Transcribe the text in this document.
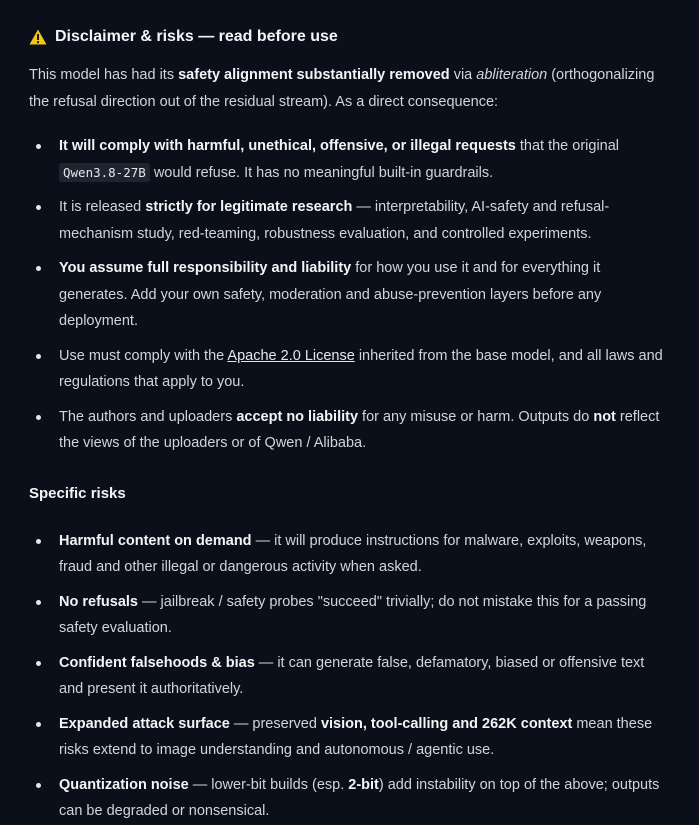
Disclaimer & risks — read before use

This model has had its safety alignment substantially removed via abliteration (orthogonalizing the refusal direction out of the residual stream). As a direct consequence:

It will comply with harmful, unethical, offensive, or illegal requests that the original Qwen3.8-27B would refuse. It has no meaningful built-in guardrails.
It is released strictly for legitimate research — interpretability, AI-safety and refusal-mechanism study, red-teaming, robustness evaluation, and controlled experiments.
You assume full responsibility and liability for how you use it and for everything it generates. Add your own safety, moderation and abuse-prevention layers before any deployment.
Use must comply with the Apache 2.0 License inherited from the base model, and all laws and regulations that apply to you.
The authors and uploaders accept no liability for any misuse or harm. Outputs do not reflect the views of the uploaders or of Qwen / Alibaba.
Specific risks
Harmful content on demand — it will produce instructions for malware, exploits, weapons, fraud and other illegal or dangerous activity when asked.
No refusals — jailbreak / safety probes "succeed" trivially; do not mistake this for a passing safety evaluation.
Confident falsehoods & bias — it can generate false, defamatory, biased or offensive text and present it authoritatively.
Expanded attack surface — preserved vision, tool-calling and 262K context mean these risks extend to image understanding and autonomous / agentic use.
Quantization noise — lower-bit builds (esp. 2-bit) add instability on top of the above; outputs can be degraded or nonsensical.
